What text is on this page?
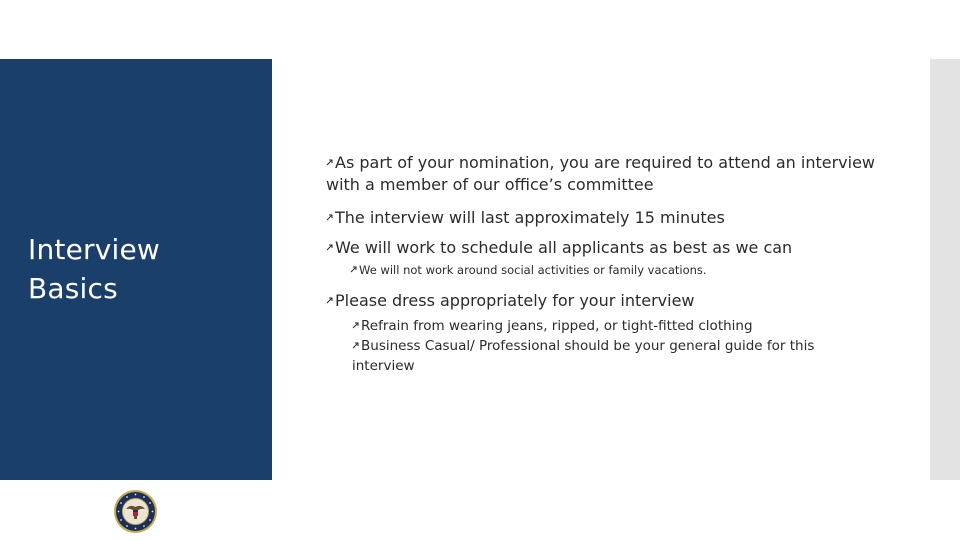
Interview
Basics
As part of your nomination, you are required to attend an interview with a member of our office’s committee
The interview will last approximately 15 minutes
We will work to schedule all applicants as best as we can
We will not work around social activities or family vacations.
Please dress appropriately for your interview
Refrain from wearing jeans, ripped, or tight-fitted clothing
Business Casual/ Professional should be your general guide for this interview
